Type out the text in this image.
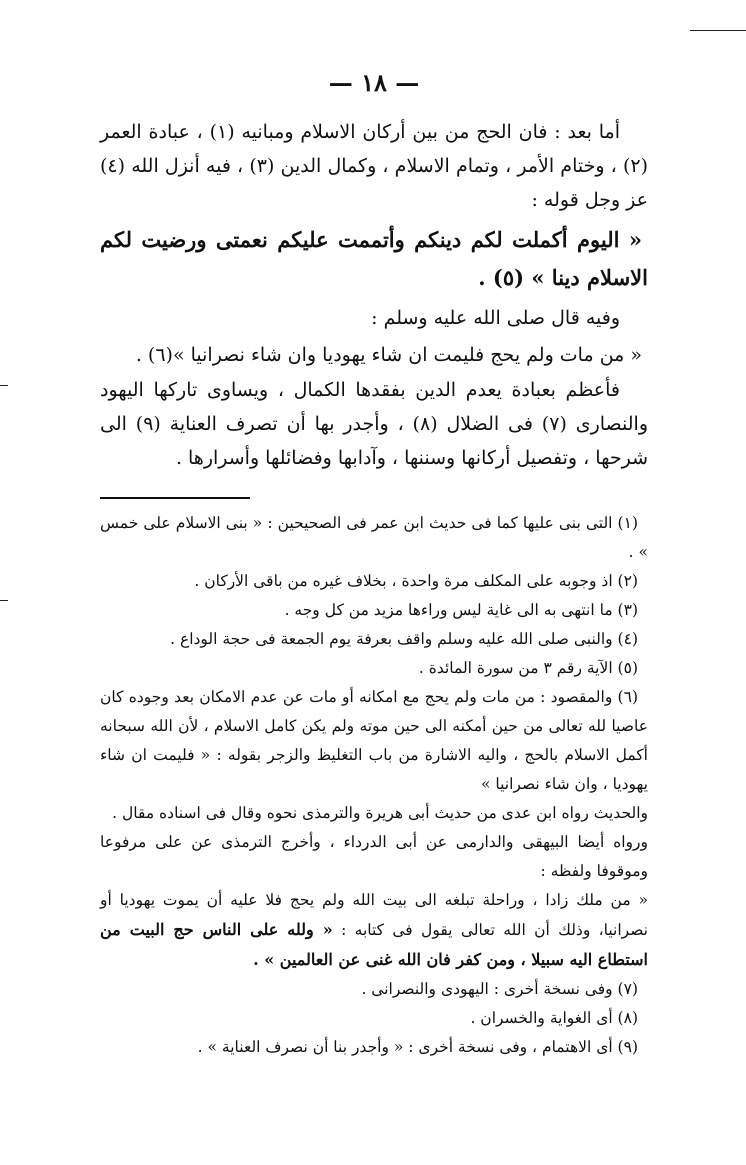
— ١٨ —

أما بعد : فان الحج من بين أركان الاسلام ومبانيه (١) ، عبادة العمر (٢) ، وختام الأمر ، وتمام الاسلام ، وكمال الدين (٣) ، فيه أنزل الله (٤) عز وجل قوله :

« اليوم أكملت لكم دينكم وأتممت عليكم نعمتى ورضيت لكم الاسلام دينا » (٥) .

وفيه قال صلى الله عليه وسلم :

« من مات ولم يحج فليمت ان شاء يهوديا وان شاء نصرانيا »(٦) .

فأعظم بعبادة يعدم الدين بفقدها الكمال ، ويساوى تاركها اليهود والنصارى (٧) فى الضلال (٨) ، وأجدر بها أن تصرف العناية (٩) الى شرحها ، وتفصيل أركانها وسننها ، وآدابها وفضائلها وأسرارها .

(١) التى بنى عليها كما فى حديث ابن عمر فى الصحيحين : « بنى الاسلام على خمس » .

(٢) اذ وجوبه على المكلف مرة واحدة ، بخلاف غيره من باقى الأركان .

(٣) ما انتهى به الى غاية ليس وراءها مزيد من كل وجه .

(٤) والنبى صلى الله عليه وسلم واقف بعرفة يوم الجمعة فى حجة الوداع .

(٥) الآية رقم ٣ من سورة المائدة .

(٦) والمقصود : من مات ولم يحج مع امكانه أو مات عن عدم الامكان بعد وجوده كان عاصيا لله تعالى من حين أمكنه الى حين موته ولم يكن كامل الاسلام ، لأن الله سبحانه أكمل الاسلام بالحج ، واليه الاشارة من باب التغليظ والزجر بقوله : « فليمت ان شاء يهوديا ، وان شاء نصرانيا »

والحديث رواه ابن عدى من حديث أبى هريرة والترمذى نحوه وقال فى اسناده مقال .

ورواه أيضا البيهقى والدارمى عن أبى الدرداء ، وأخرج الترمذى عن على مرفوعا وموقوفا ولفظه :

« من ملك زادا ، وراحلة تبلغه الى بيت الله ولم يحج فلا عليه أن يموت يهوديا أو نصرانيا، وذلك أن الله تعالى يقول فى كتابه : « ولله على الناس حج البيت من استطاع اليه سبيلا ، ومن كفر فان الله غنى عن العالمين » .

(٧) وفى نسخة أخرى : اليهودى والنصرانى .

(٨) أى الغواية والخسران .

(٩) أى الاهتمام ، وفى نسخة أخرى : « وأجدر بنا أن نصرف العناية » .
